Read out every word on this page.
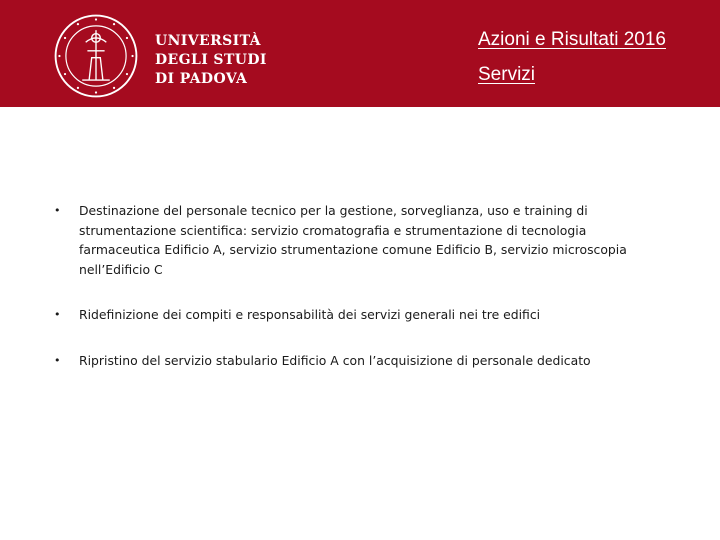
UNIVERSITÀ
DEGLI STUDI
DI PADOVA
Azioni e Risultati 2016
Servizi
• Destinazione del personale tecnico per la gestione, sorveglianza, uso e training di strumentazione scientifica: servizio cromatografia e strumentazione di tecnologia farmaceutica Edificio A, servizio strumentazione comune Edificio B, servizio microscopia nell’Edificio C
• Ridefinizione dei compiti e responsabilità dei servizi generali nei tre edifici
• Ripristino del servizio stabulario Edificio A con l’acquisizione di personale dedicato
